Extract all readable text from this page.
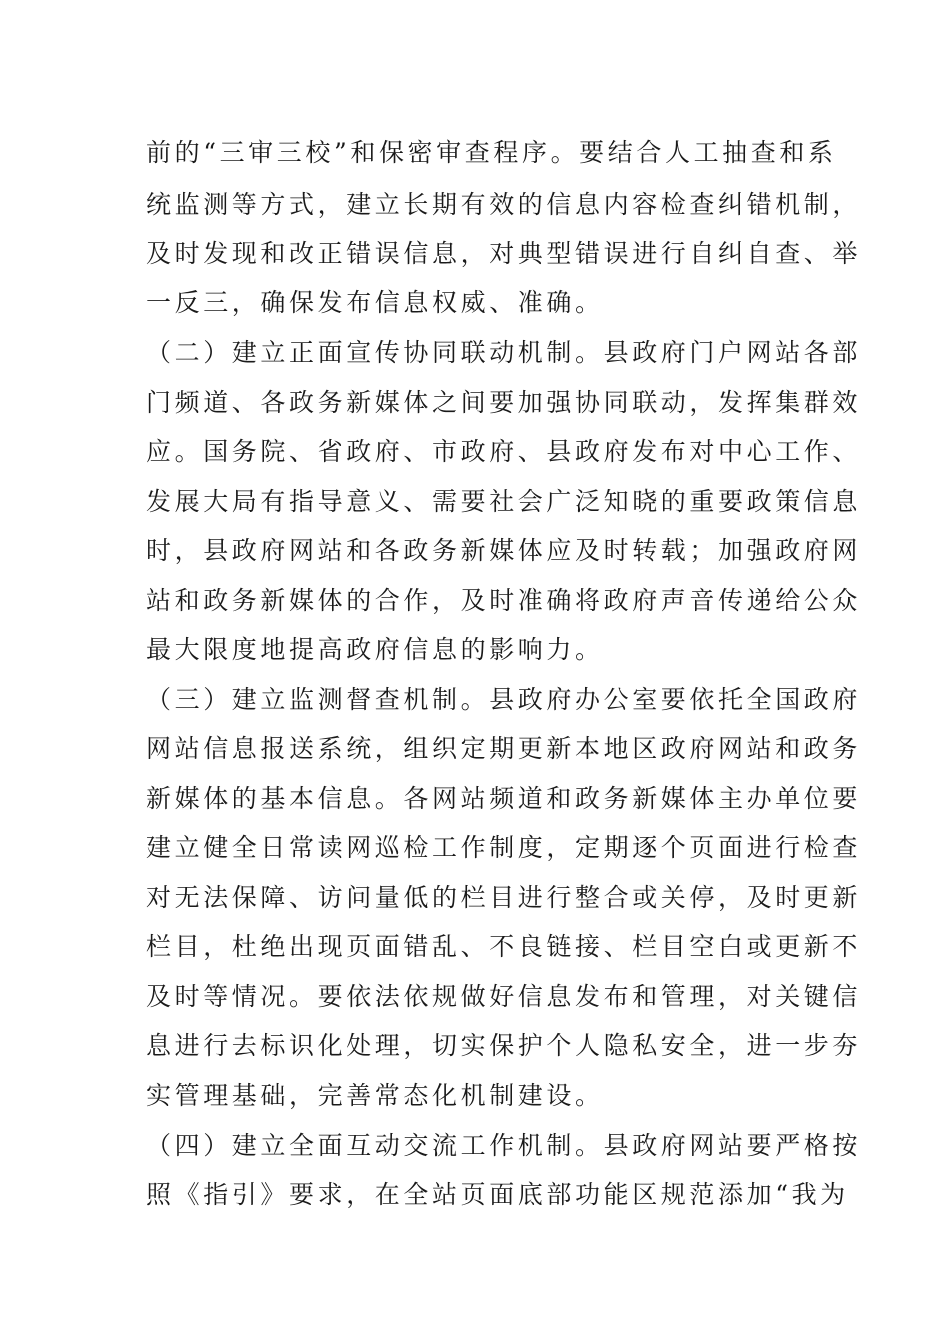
前的“三审三校”和保密审查程序。要结合人工抽查和系
统监测等方式，建立长期有效的信息内容检查纠错机制，
及时发现和改正错误信息，对典型错误进行自纠自查、举
一反三，确保发布信息权威、准确。
（二）建立正面宣传协同联动机制。县政府门户网站各部
门频道、各政务新媒体之间要加强协同联动，发挥集群效
应。国务院、省政府、市政府、县政府发布对中心工作、
发展大局有指导意义、需要社会广泛知晓的重要政策信息
时，县政府网站和各政务新媒体应及时转载；加强政府网
站和政务新媒体的合作，及时准确将政府声音传递给公众
最大限度地提高政府信息的影响力。
（三）建立监测督查机制。县政府办公室要依托全国政府
网站信息报送系统，组织定期更新本地区政府网站和政务
新媒体的基本信息。各网站频道和政务新媒体主办单位要
建立健全日常读网巡检工作制度，定期逐个页面进行检查
对无法保障、访问量低的栏目进行整合或关停，及时更新
栏目，杜绝出现页面错乱、不良链接、栏目空白或更新不
及时等情况。要依法依规做好信息发布和管理，对关键信
息进行去标识化处理，切实保护个人隐私安全，进一步夯
实管理基础，完善常态化机制建设。
（四）建立全面互动交流工作机制。县政府网站要严格按
照《指引》要求，在全站页面底部功能区规范添加“我为
